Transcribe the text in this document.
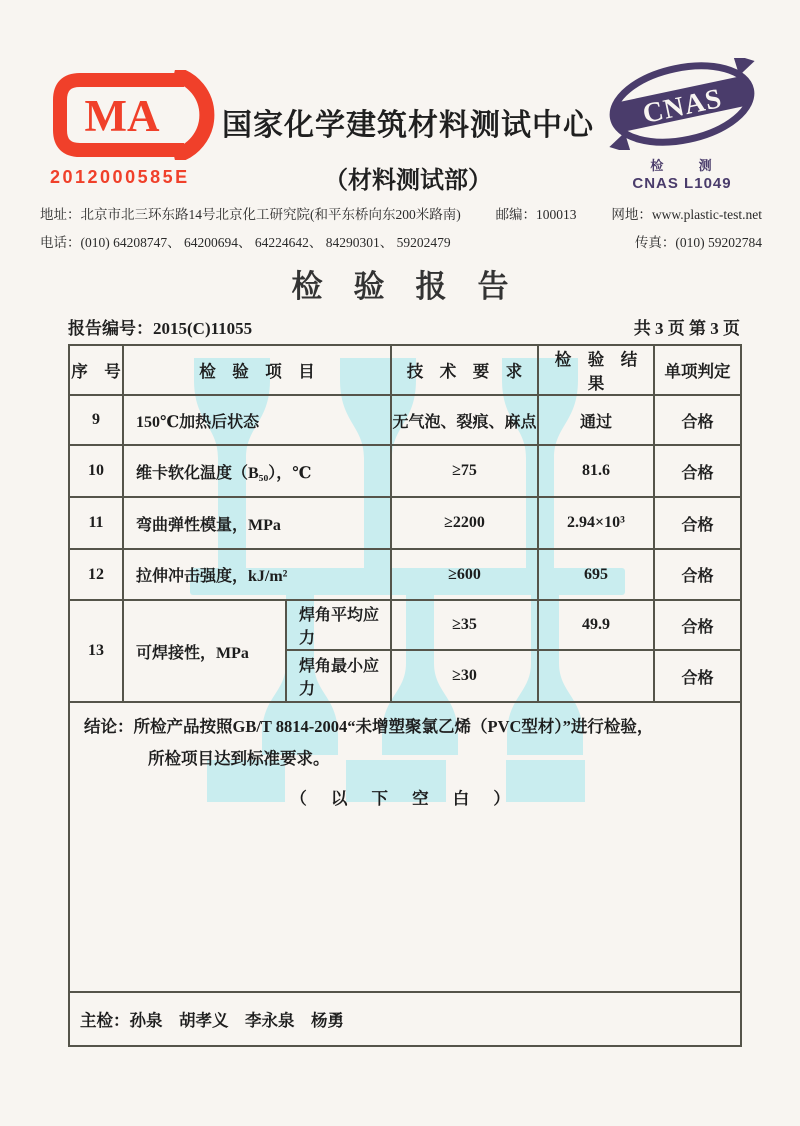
MA
2012000585E
国家化学建筑材料测试中心
（材料测试部）
CNAS
检 测
CNAS L1049
地址：北京市北三环东路14号北京化工研究院(和平东桥向东200米路南)	邮编：100013	网地：www.plastic-test.net
电话：(010) 64208747、 64200694、 64224642、 84290301、 59202479	传真：(010) 59202784
检　验　报　告
报告编号：2015(C)11055	共 3 页 第 3 页
序　号	检　验　项　目		技　术　要　求	检　验　结　果	单项判定
9	150℃加热后状态		无气泡、裂痕、麻点	通过	合格
10	维卡软化温度（B₅₀），℃		≥75	81.6	合格
11	弯曲弹性模量，MPa		≥2200	2.94×10³	合格
12	拉伸冲击强度，kJ/m²		≥600	695	合格
13	可焊接性，MPa	焊角平均应力	≥35	49.9	合格
		焊角最小应力	≥30		合格

结论：所检产品按照GB/T 8814-2004“未增塑聚氯乙烯（PVC型材）”进行检验，
所检项目达到标准要求。
（ 以 下 空 白 ）					

主检：孙泉　胡孝义　李永泉　杨勇					
